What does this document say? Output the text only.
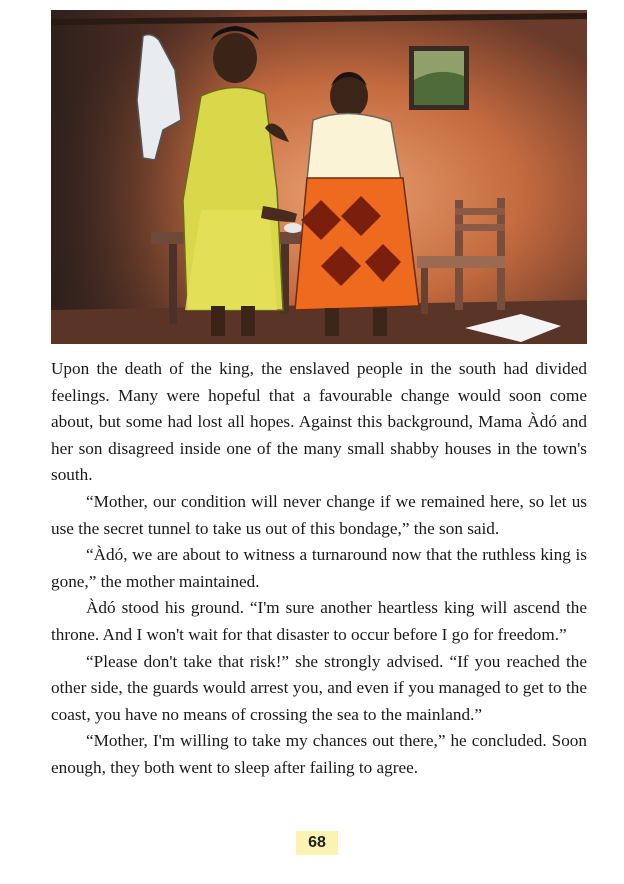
Upon the death of the king, the enslaved people in the south had divided feelings. Many were hopeful that a favourable change would soon come about, but some had lost all hopes. Against this background, Mama Àdó and her son disagreed inside one of the many small shabby houses in the town's south.

“Mother, our condition will never change if we remained here, so let us use the secret tunnel to take us out of this bondage,” the son said.

“Àdó, we are about to witness a turnaround now that the ruthless king is gone,” the mother maintained.

Àdó stood his ground. “I'm sure another heartless king will ascend the throne. And I won't wait for that disaster to occur before I go for freedom.”

“Please don't take that risk!” she strongly advised. “If you reached the other side, the guards would arrest you, and even if you managed to get to the coast, you have no means of crossing the sea to the mainland.”

“Mother, I'm willing to take my chances out there,” he concluded. Soon enough, they both went to sleep after failing to agree.

68
